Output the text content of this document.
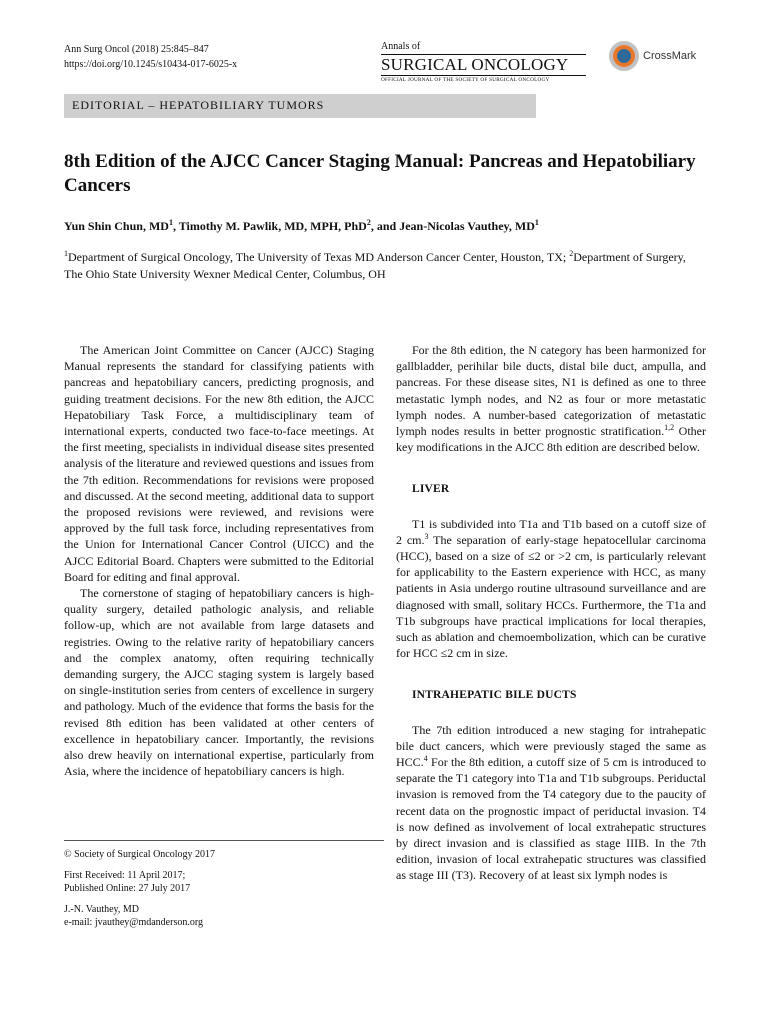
Ann Surg Oncol (2018) 25:845–847
https://doi.org/10.1245/s10434-017-6025-x
Annals of
SURGICAL ONCOLOGY
OFFICIAL JOURNAL OF THE SOCIETY OF SURGICAL ONCOLOGY
CrossMark
EDITORIAL – HEPATOBILIARY TUMORS
8th Edition of the AJCC Cancer Staging Manual: Pancreas and Hepatobiliary Cancers
Yun Shin Chun, $MD^1$, Timothy M. Pawlik, MD, MPH, PhD$^2$, and Jean-Nicolas Vauthey, $MD^1$
$^1$Department of Surgical Oncology, The University of Texas MD Anderson Cancer Center, Houston, TX; $^2$Department of Surgery, The Ohio State University Wexner Medical Center, Columbus, OH

The American Joint Committee on Cancer (AJCC) Staging Manual represents the standard for classifying patients with pancreas and hepatobiliary cancers, predicting prognosis, and guiding treatment decisions. For the new 8th edition, the AJCC Hepatobiliary Task Force, a multidisciplinary team of international experts, conducted two face-to-face meetings. At the first meeting, specialists in individual disease sites presented analysis of the literature and reviewed questions and issues from the 7th edition. Recommendations for revisions were proposed and discussed. At the second meeting, additional data to support the proposed revisions were reviewed, and revisions were approved by the full task force, including representatives from the Union for International Cancer Control (UICC) and the AJCC Editorial Board. Chapters were submitted to the Editorial Board for editing and final approval.

The cornerstone of staging of hepatobiliary cancers is high-quality surgery, detailed pathologic analysis, and reliable follow-up, which are not available from large datasets and registries. Owing to the relative rarity of hepatobiliary cancers and the complex anatomy, often requiring technically demanding surgery, the AJCC staging system is largely based on single-institution series from centers of excellence in surgery and pathology. Much of the evidence that forms the basis for the revised 8th edition has been validated at other centers of excellence in hepatobiliary cancer. Importantly, the revisions also drew heavily on international expertise, particularly from Asia, where the incidence of hepatobiliary cancers is high.

© Society of Surgical Oncology 2017
First Received: 11 April 2017;
Published Online: 27 July 2017
J.-N. Vauthey, MD
e-mail: jvauthey@mdanderson.org

For the 8th edition, the N category has been harmonized for gallbladder, perihilar bile ducts, distal bile duct, ampulla, and pancreas. For these disease sites, N1 is defined as one to three metastatic lymph nodes, and N2 as four or more metastatic lymph nodes. A number-based categorization of metastatic lymph nodes results in better prognostic stratification.$^{1,2}$ Other key modifications in the AJCC 8th edition are described below.

LIVER

T1 is subdivided into T1a and T1b based on a cutoff size of 2 cm.$^3$ The separation of early-stage hepatocellular carcinoma (HCC), based on a size of ≤2 or >2 cm, is particularly relevant for applicability to the Eastern experience with HCC, as many patients in Asia undergo routine ultrasound surveillance and are diagnosed with small, solitary HCCs. Furthermore, the T1a and T1b subgroups have practical implications for local therapies, such as ablation and chemoembolization, which can be curative for HCC ≤2 cm in size.

INTRAHEPATIC BILE DUCTS

The 7th edition introduced a new staging for intrahepatic bile duct cancers, which were previously staged the same as HCC.$^4$ For the 8th edition, a cutoff size of 5 cm is introduced to separate the T1 category into T1a and T1b subgroups. Periductal invasion is removed from the T4 category due to the paucity of recent data on the prognostic impact of periductal invasion. T4 is now defined as involvement of local extrahepatic structures by direct invasion and is classified as stage IIIB. In the 7th edition, invasion of local extrahepatic structures was classified as stage III (T3). Recovery of at least six lymph nodes is
